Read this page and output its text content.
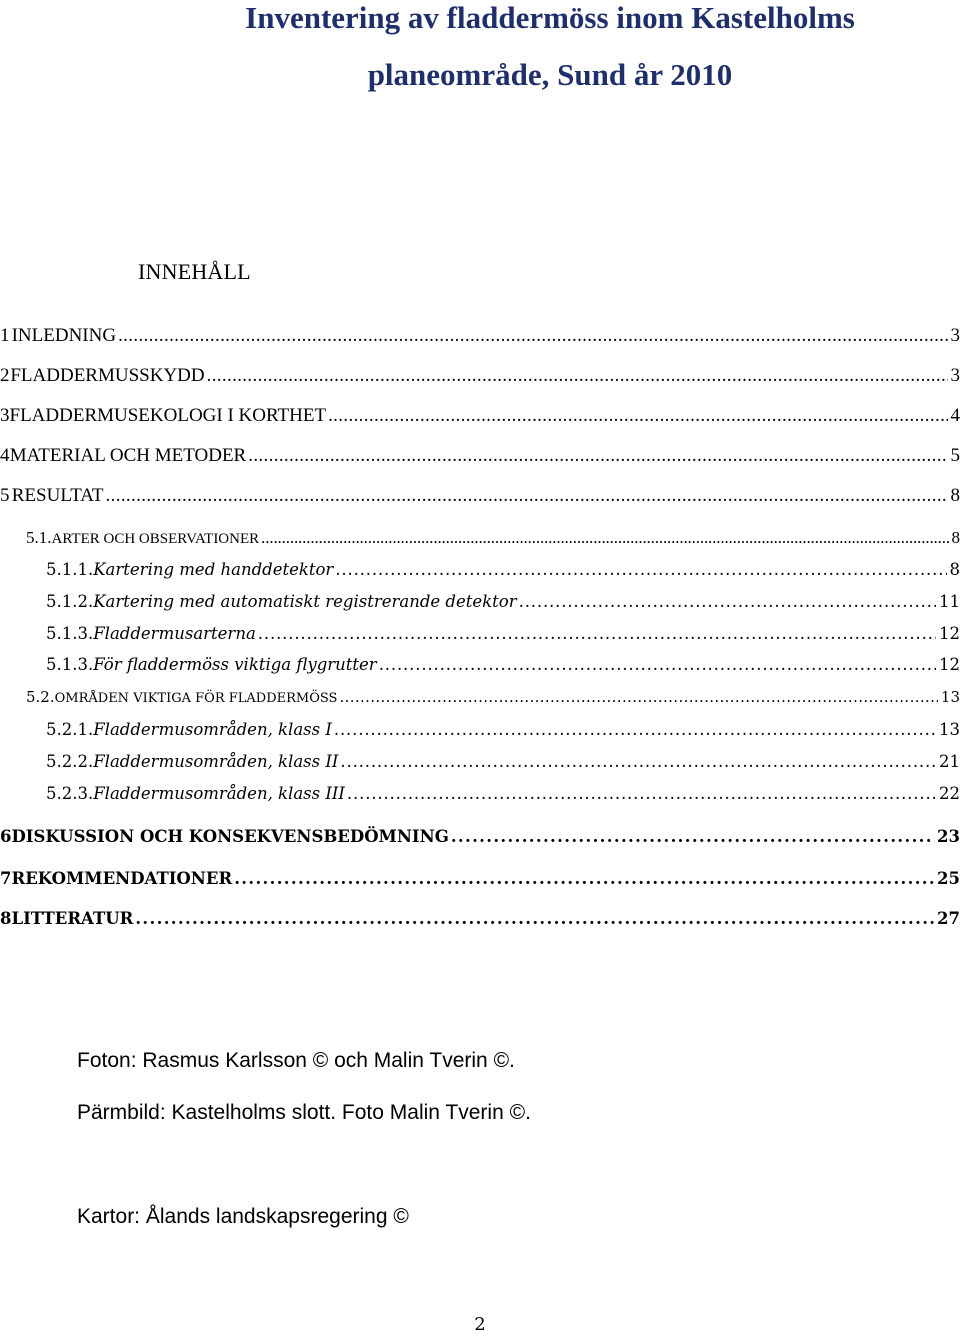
Inventering av fladdermöss inom Kastelholms
planeområde, Sund år 2010
INNEHÅLL
1 INLEDNING . . .	3
2 FLADDERMUSSKYDD . . .	3
3 FLADDERMUSEKOLOGI I KORTHET . . .	4
4 MATERIAL OCH METODER . . .	5
5 RESULTAT . . .	8
5.1. ARTER OCH OBSERVATIONER . . .	8
5.1.1. Kartering med handdetektor . . .	8
5.1.2. Kartering med automatiskt registrerande detektor . . .	11
5.1.3. Fladdermusarterna . . .	12
5.1.3. För fladdermöss viktiga flygrutter . . .	12
5.2. OMRÅDEN VIKTIGA FÖR FLADDERMÖSS . . .	13
5.2.1. Fladdermusområden, klass I . . .	13
5.2.2. Fladdermusområden, klass II . . .	21
5.2.3. Fladdermusområden, klass III . . .	22
6 DISKUSSION OCH KONSEKVENSBEDÖMNING . . .	23
7 REKOMMENDATIONER . . .	25
8 LITTERATUR . . .	27
Foton: Rasmus Karlsson © och Malin Tverin ©.
Pärmbild: Kastelholms slott. Foto Malin Tverin ©.
Kartor: Ålands landskapsregering ©
2
